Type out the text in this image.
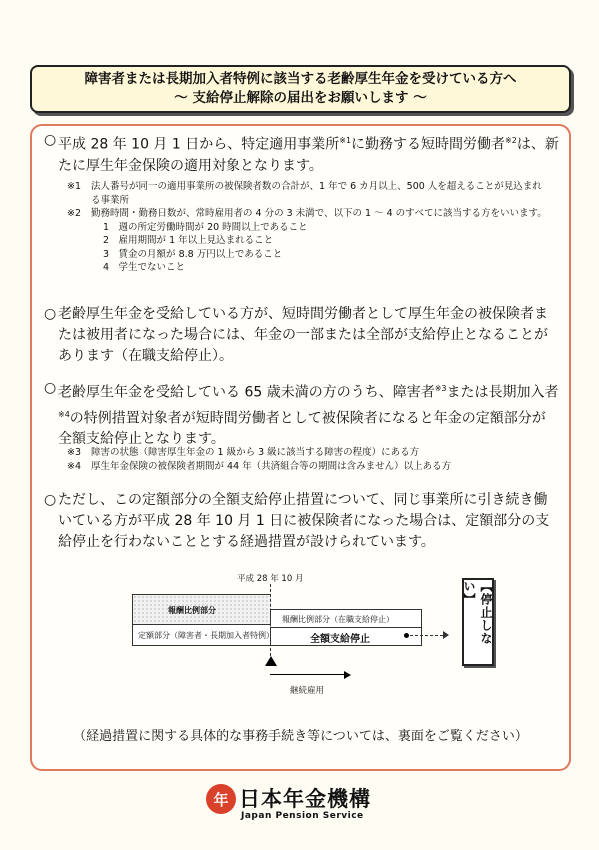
障害者または長期加入者特例に該当する老齢厚生年金を受けている方へ
〜 支給停止解除の届出をお願いします 〜
○ 平成 28 年 10 月 1 日から、特定適用事業所$^{※1}$に勤務する短時間労働者$^{※2}$は、新たに厚生年金保険の適用対象となります。
※1 法人番号が同一の適用事業所の被保険者数の合計が、1 年で 6 カ月以上、500 人を超えることが見込まれる事業所
※2 勤務時間・勤務日数が、常時雇用者の 4 分の 3 未満で、以下の 1 〜 4 のすべてに該当する方をいいます。
1　週の所定労働時間が 20 時間以上であること
2　雇用期間が 1 年以上見込まれること
3　賃金の月額が 8.8 万円以上であること
4　学生でないこと
○ 老齢厚生年金を受給している方が、短時間労働者として厚生年金の被保険者または被用者になった場合には、年金の一部または全部が支給停止となることがあります（在職支給停止）。
○ 老齢厚生年金を受給している 65 歳未満の方のうち、障害者$^{※3}$または長期加入者$^{※4}$の特例措置対象者が短時間労働者として被保険者になると年金の定額部分が全額支給停止となります。
※3 障害の状態（障害厚生年金の 1 級から 3 級に該当する障害の程度）にある方
※4 厚生年金保険の被保険者期間が 44 年（共済組合等の期間は含みません）以上ある方
○ ただし、この定額部分の全額支給停止措置について、同じ事業所に引き続き働いている方が平成 28 年 10 月 1 日に被保険者になった場合は、定額部分の支給停止を行わないこととする経過措置が設けられています。
平成 28 年 10 月
報酬比例部分
報酬比例部分（在職支給停止）
定額部分（障害者・長期加入者特例）	全額支給停止	【停止しない】
継続雇用
（経過措置に関する具体的な事務手続き等については、裏面をご覧ください）
年 日本年金機構
Japan Pension Service
